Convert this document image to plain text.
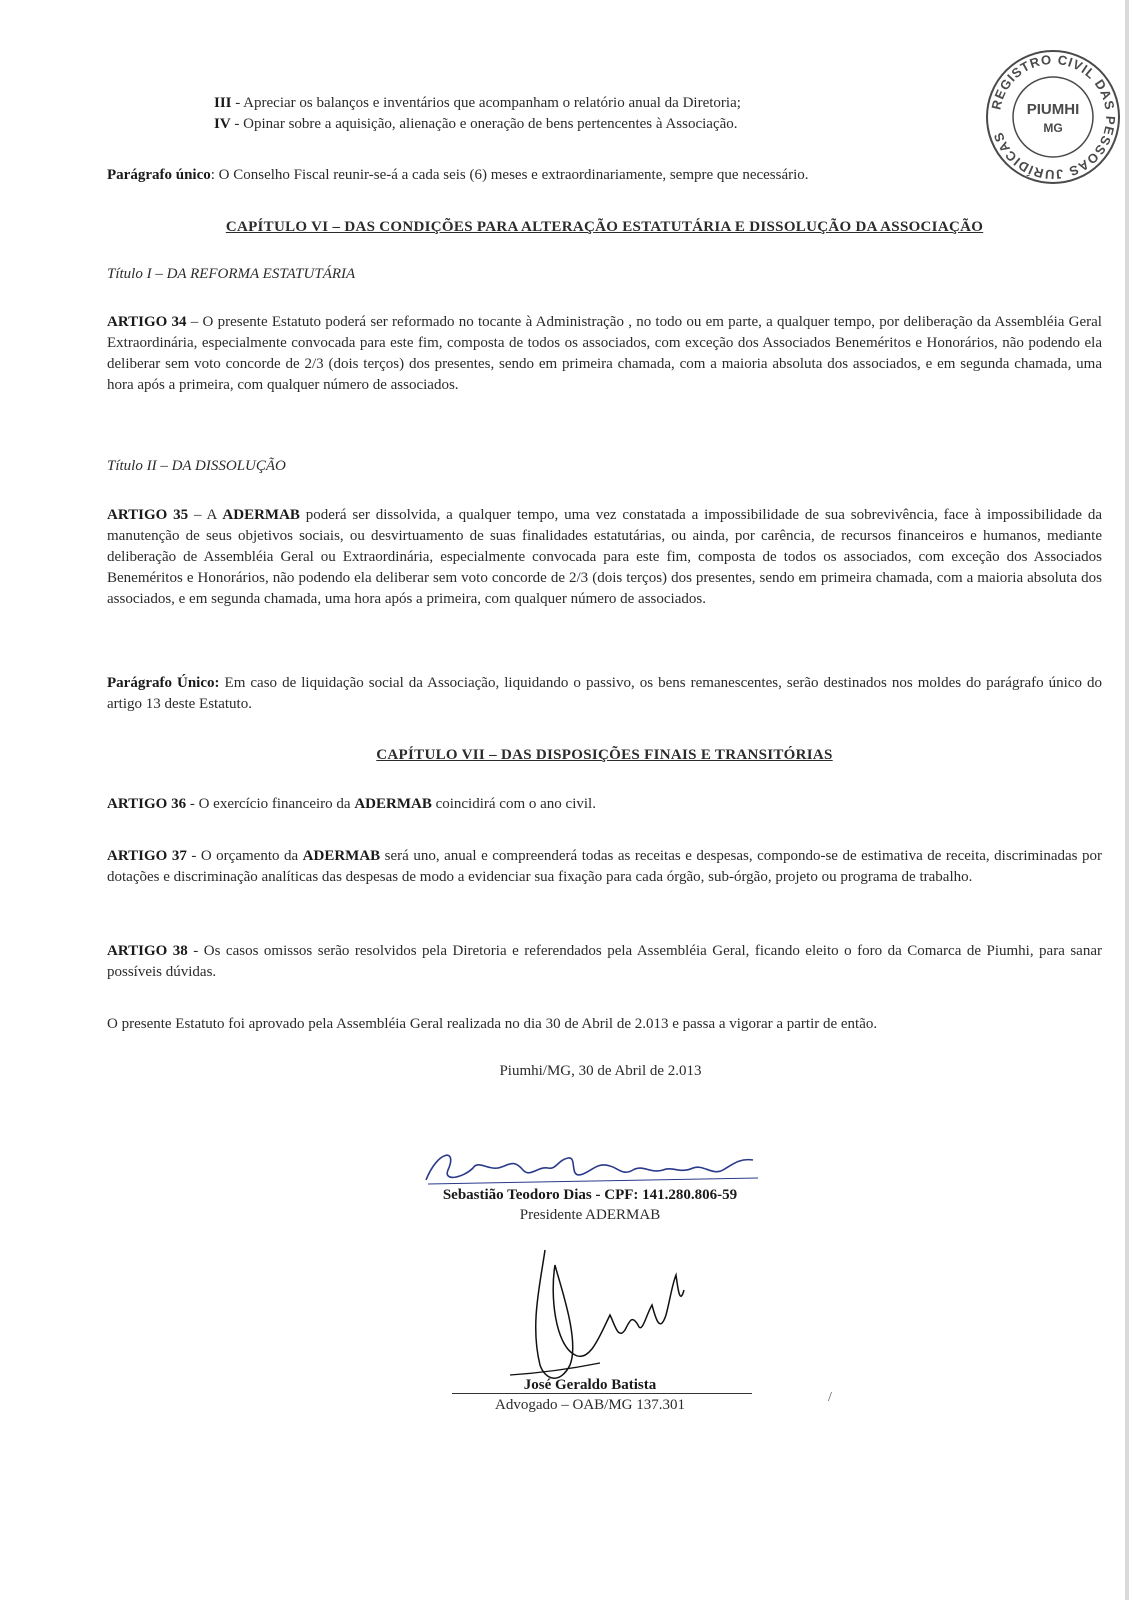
REGISTRO CIVIL DAS PESSOAS JURÍDICAS
PIUMHI
MG

III - Apreciar os balanços e inventários que acompanham o relatório anual da Diretoria;

IV - Opinar sobre a aquisição, alienação e oneração de bens pertencentes à Associação.

Parágrafo único: O Conselho Fiscal reunir-se-á a cada seis (6) meses e extraordinariamente, sempre que necessário.

CAPÍTULO VI – DAS CONDIÇÕES PARA ALTERAÇÃO ESTATUTÁRIA E DISSOLUÇÃO DA ASSOCIAÇÃO

Título I – DA REFORMA ESTATUTÁRIA

ARTIGO 34 – O presente Estatuto poderá ser reformado no tocante à Administração , no todo ou em parte, a qualquer tempo, por deliberação da Assembléia Geral Extraordinária, especialmente convocada para este fim, composta de todos os associados, com exceção dos Associados Beneméritos e Honorários, não podendo ela deliberar sem voto concorde de 2/3 (dois terços) dos presentes, sendo em primeira chamada, com a maioria absoluta dos associados, e em segunda chamada, uma hora após a primeira, com qualquer número de associados.

Título II – DA DISSOLUÇÃO

ARTIGO 35 – A ADERMAB poderá ser dissolvida, a qualquer tempo, uma vez constatada a impossibilidade de sua sobrevivência, face à impossibilidade da manutenção de seus objetivos sociais, ou desvirtuamento de suas finalidades estatutárias, ou ainda, por carência, de recursos financeiros e humanos, mediante deliberação de Assembléia Geral ou Extraordinária, especialmente convocada para este fim, composta de todos os associados, com exceção dos Associados Beneméritos e Honorários, não podendo ela deliberar sem voto concorde de 2/3 (dois terços) dos presentes, sendo em primeira chamada, com a maioria absoluta dos associados, e em segunda chamada, uma hora após a primeira, com qualquer número de associados.

Parágrafo Único: Em caso de liquidação social da Associação, liquidando o passivo, os bens remanescentes, serão destinados nos moldes do parágrafo único do artigo 13 deste Estatuto.

CAPÍTULO VII – DAS DISPOSIÇÕES FINAIS E TRANSITÓRIAS

ARTIGO 36 - O exercício financeiro da ADERMAB coincidirá com o ano civil.

ARTIGO 37 - O orçamento da ADERMAB será uno, anual e compreenderá todas as receitas e despesas, compondo-se de estimativa de receita, discriminadas por dotações e discriminação analíticas das despesas de modo a evidenciar sua fixação para cada órgão, sub-órgão, projeto ou programa de trabalho.

ARTIGO 38 - Os casos omissos serão resolvidos pela Diretoria e referendados pela Assembléia Geral, ficando eleito o foro da Comarca de Piumhi, para sanar possíveis dúvidas.

O presente Estatuto foi aprovado pela Assembléia Geral realizada no dia 30 de Abril de 2.013 e passa a vigorar a partir de então.

Piumhi/MG, 30 de Abril de 2.013

Sebastião Teodoro Dias - CPF: 141.280.806-59
Presidente ADERMAB
José Geraldo Batista
Advogado – OAB/MG 137.301	/
